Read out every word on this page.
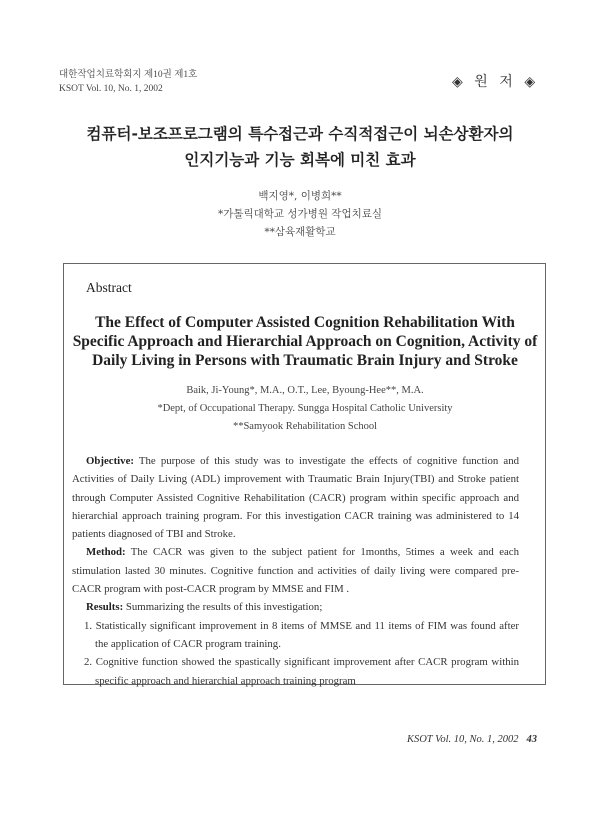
대한작업치료학회지 제10권 제1호
KSOT Vol. 10, No. 1, 2002	◈ 원 저 ◈
컴퓨터-보조프로그램의 특수접근과 수직적접근이 뇌손상환자의
인지기능과 기능 회복에 미친 효과
백지영*, 이병희**
*가톨릭대학교 성가병원 작업치료실
**삼육재활학교
Abstract
The Effect of Computer Assisted Cognition Rehabilitation With
Specific Approach and Hierarchial Approach on Cognition, Activity of
Daily Living in Persons with Traumatic Brain Injury and Stroke
Baik, Ji-Young*, M.A., O.T., Lee, Byoung-Hee**, M.A.
*Dept, of Occupational Therapy. Sungga Hospital Catholic University
**Samyook Rehabilitation School

Objective: The purpose of this study was to investigate the effects of cognitive function and Activities of Daily Living (ADL) improvement with Traumatic Brain Injury(TBI) and Stroke patient through Computer Assisted Cognitive Rehabilitation (CACR) program within specific approach and hierarchial approach training program. For this investigation CACR training was administered to 14 patients diagnosed of TBI and Stroke.

Method: The CACR was given to the subject patient for 1months, 5times a week and each stimulation lasted 30 minutes. Cognitive function and activities of daily living were compared pre-CACR program with post-CACR program by MMSE and FIM .

Results: Summarizing the results of this investigation;

1. Statistically significant improvement in 8 items of MMSE and 11 items of FIM was found after the application of CACR program training.

2. Cognitive function showed the spastically significant improvement after CACR program within specific approach and hierarchial approach training program

KSOT Vol. 10, No. 1, 2002 43
